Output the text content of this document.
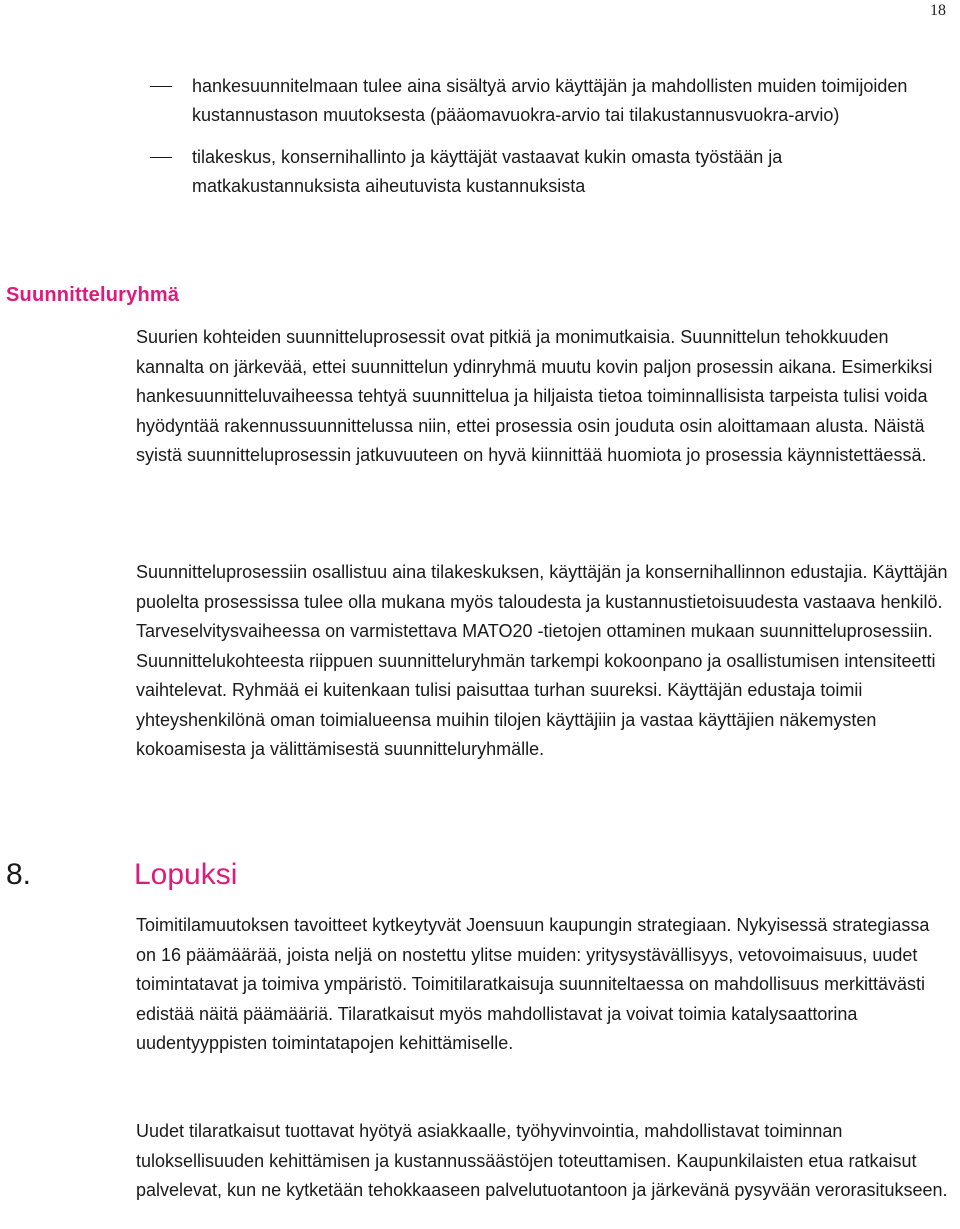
18
hankesuunnitelmaan tulee aina sisältyä arvio käyttäjän ja mahdollisten muiden toimijoiden kustannustason muutoksesta (pääomavuokra-arvio tai tilakustannusvuokra-arvio)
tilakeskus, konsernihallinto ja käyttäjät vastaavat kukin omasta työstään ja matkakustannuksista aiheutuvista kustannuksista
Suunnitteluryhmä

Suurien kohteiden suunnitteluprosessit ovat pitkiä ja monimutkaisia. Suunnittelun tehokkuuden kannalta on järkevää, ettei suunnittelun ydinryhmä muutu kovin paljon prosessin aikana. Esimerkiksi hankesuunnitteluvaiheessa tehtyä suunnittelua ja hiljaista tietoa toiminnallisista tarpeista tulisi voida hyödyntää rakennussuunnittelussa niin, ettei prosessia osin jouduta osin aloittamaan alusta. Näistä syistä suunnitteluprosessin jatkuvuuteen on hyvä kiinnittää huomiota jo prosessia käynnistettäessä.

Suunnitteluprosessiin osallistuu aina tilakeskuksen, käyttäjän ja konsernihallinnon edustajia. Käyttäjän puolelta prosessissa tulee olla mukana myös taloudesta ja kustannustietoisuudesta vastaava henkilö. Tarveselvitysvaiheessa on varmistettava MATO20 -tietojen ottaminen mukaan suunnitteluprosessiin. Suunnittelukohteesta riippuen suunnitteluryhmän tarkempi kokoonpano ja osallistumisen intensiteetti vaihtelevat. Ryhmää ei kuitenkaan tulisi paisuttaa turhan suureksi. Käyttäjän edustaja toimii yhteyshenkilönä oman toimialueensa muihin tilojen käyttäjiin ja vastaa käyttäjien näkemysten kokoamisesta ja välittämisestä suunnitteluryhmälle.

8.	Lopuksi

Toimitilamuutoksen tavoitteet kytkeytyvät Joensuun kaupungin strategiaan. Nykyisessä strategiassa on 16 päämäärää, joista neljä on nostettu ylitse muiden: yritysystävällisyys, vetovoimaisuus, uudet toimintatavat ja toimiva ympäristö. Toimitilaratkaisuja suunniteltaessa on mahdollisuus merkittävästi edistää näitä päämääriä. Tilaratkaisut myös mahdollistavat ja voivat toimia katalysaattorina uudentyyppisten toimintatapojen kehittämiselle.

Uudet tilaratkaisut tuottavat hyötyä asiakkaalle, työhyvinvointia, mahdollistavat toiminnan tuloksellisuuden kehittämisen ja kustannussäästöjen toteuttamisen. Kaupunkilaisten etua ratkaisut palvelevat, kun ne kytketään tehokkaaseen palvelutuotantoon ja järkevänä pysyvään verorasitukseen.
